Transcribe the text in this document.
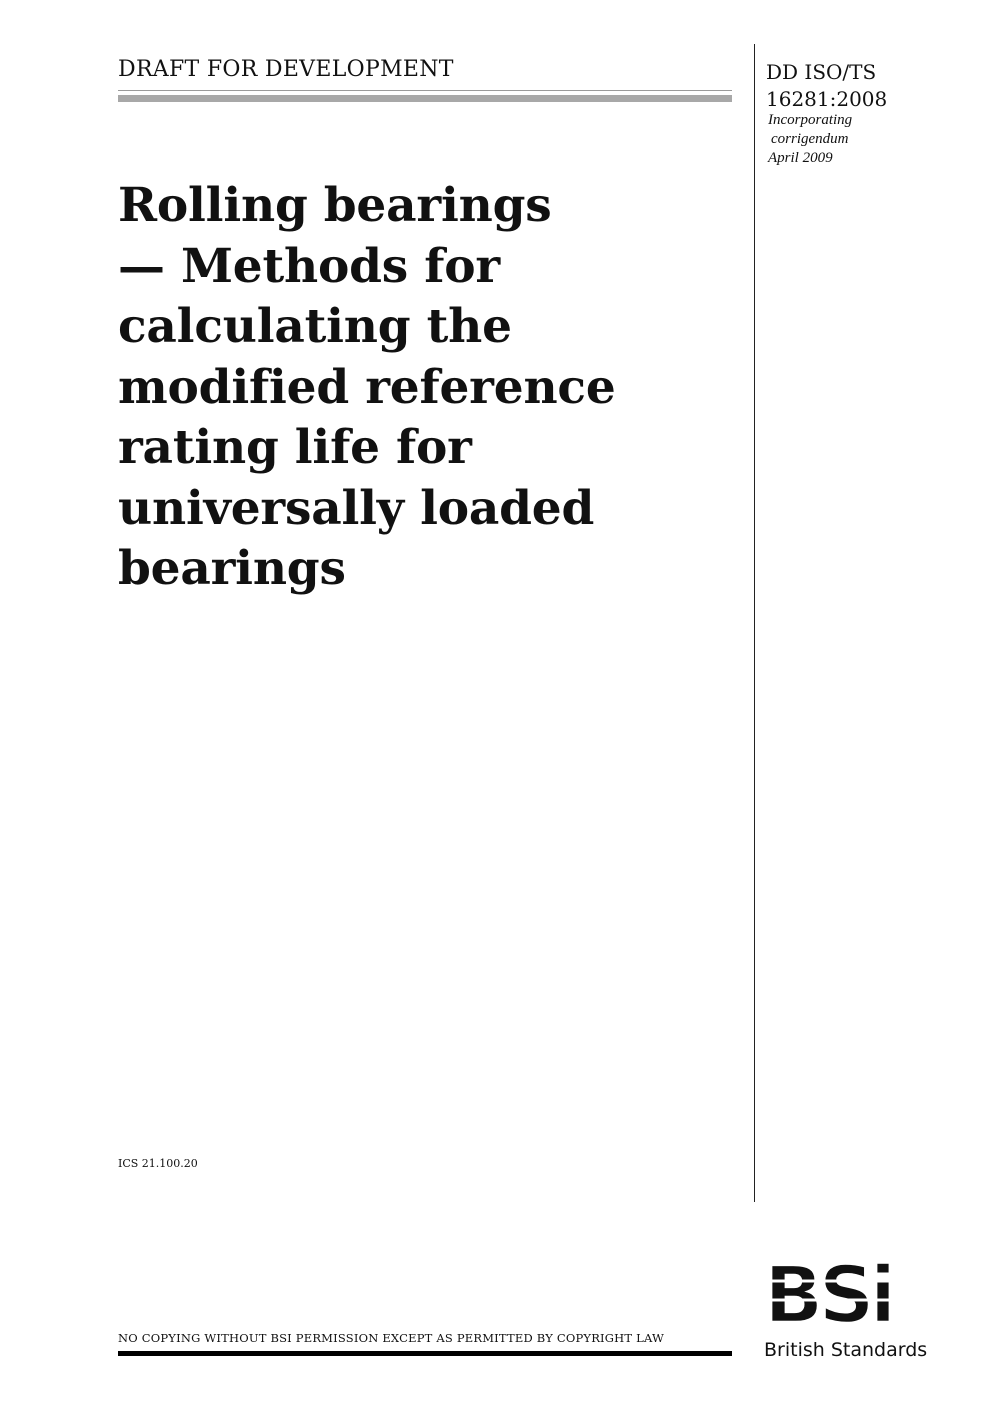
DRAFT FOR DEVELOPMENT	DD ISO/TS
16281:2008
Incorporating
corrigendum
April 2009
Rolling bearings
— Methods for
calculating the
modified reference
rating life for
universally loaded
bearings
ICS 21.100.20
NO COPYING WITHOUT BSI PERMISSION EXCEPT AS PERMITTED BY COPYRIGHT LAW BSi
British Standards
